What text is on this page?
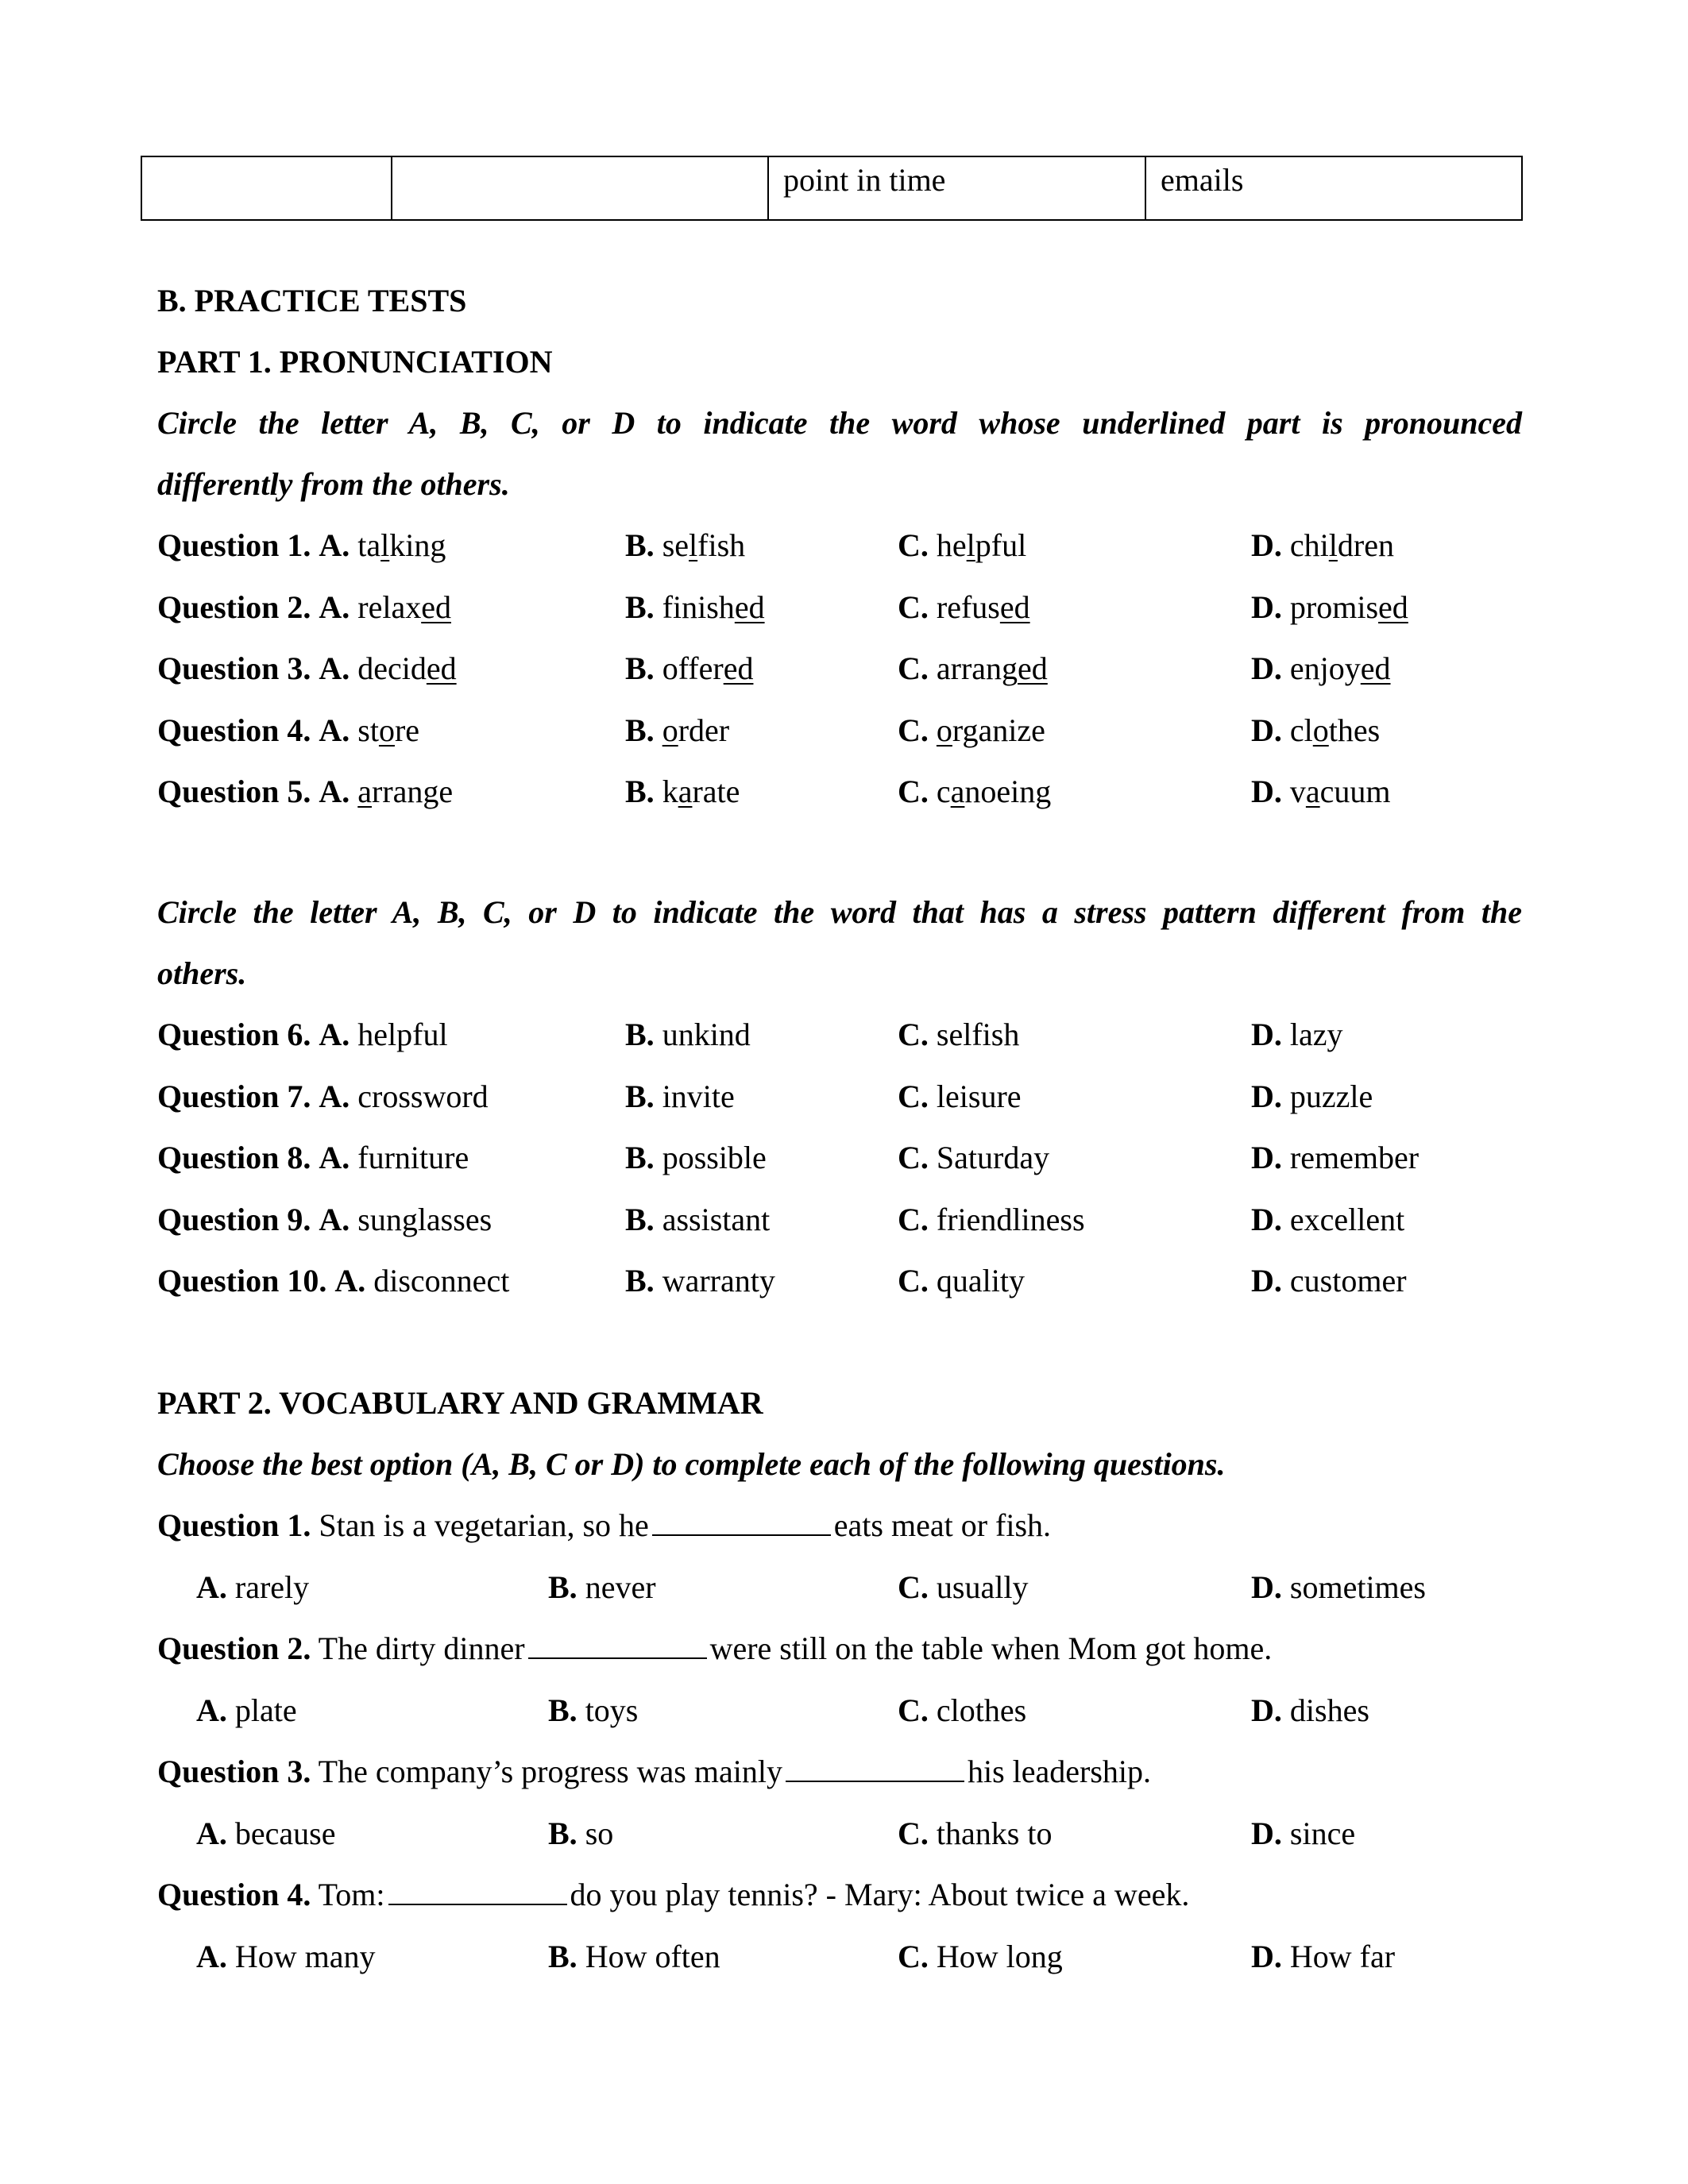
		point in time	emails
B. PRACTICE TESTS
PART 1. PRONUNCIATION
Circle the letter A, B, C, or D to indicate the word whose underlined part is pronounced
differently from the others.
Circle the letter A, B, C, or D to indicate the word that has a stress pattern different from the
others.
PART 2. VOCABULARY AND GRAMMAR
Choose the best option (A, B, C or D) to complete each of the following questions.
Question 1. A. talking	B. selfish	C. helpful	D. children
Question 2. A. relaxed	B. finished	C. refused	D. promised
Question 3. A. decided	B. offered	C. arranged	D. enjoyed
Question 4. A. store	B. order	C. organize	D. clothes
Question 5. A. arrange	B. karate	C. canoeing	D. vacuum
Question 6. A. helpful	B. unkind	C. selfish	D. lazy
Question 7. A. crossword	B. invite	C. leisure	D. puzzle
Question 8. A. furniture	B. possible	C. Saturday	D. remember
Question 9. A. sunglasses	B. assistant	C. friendliness	D. excellent
Question 10. A. disconnect	B. warranty	C. quality	D. customer
Question 1. Stan is a vegetarian, so he	eats meat or fish.
A. rarely	B. never	C. usually	D. sometimes
Question 2. The dirty dinner	were still on the table when Mom got home.
A. plate	B. toys	C. clothes	D. dishes
Question 3. The company’s progress was mainly	his leadership.
A. because	B. so	C. thanks to	D. since
Question 4. Tom:	do you play tennis? - Mary: About twice a week.
A. How many	B. How often	C. How long	D. How far
